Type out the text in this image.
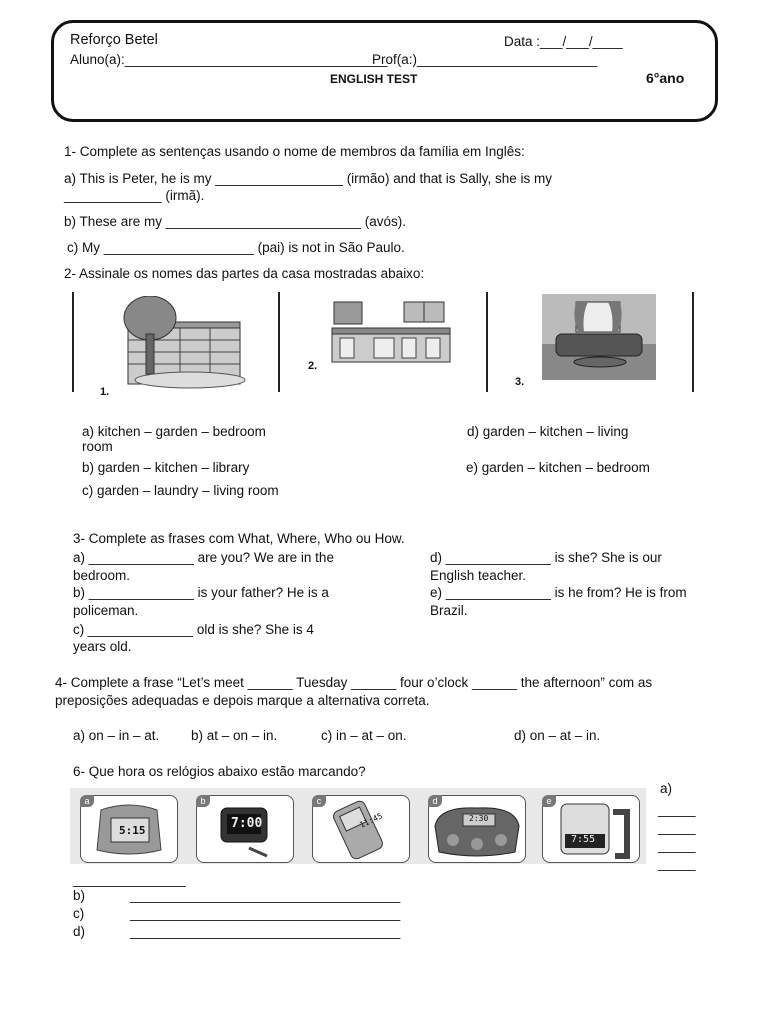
Reforço Betel	Data :___/___/____
Aluno(a):___________________________________
Prof(a:)________________________
ENGLISH TEST	6°ano
1- Complete as sentenças usando o nome de membros da família em Inglês:
a) This is Peter, he is my _________________ (irmão) and that is Sally, she is my
_____________ (irmã).
b) These are my __________________________ (avós).
c) My ____________________ (pai) is not in São Paulo.
2- Assinale os nomes das partes da casa mostradas abaixo:
1.
2.
3.
a) kitchen – garden – bedroom
room
b) garden – kitchen – library
c) garden – laundry – living room
d) garden – kitchen – living
e) garden – kitchen – bedroom
3- Complete as frases com What, Where, Who ou How.
a) ______________ are you? We are in the
bedroom.
b) ______________ is your father? He is a
policeman.
c) ______________ old is she? She is 4
years old.
d) ______________ is she? She is our
English teacher.
e) ______________ is he from? He is from
Brazil.
4- Complete a frase “Let’s meet ______ Tuesday ______ four o’clock ______ the afternoon” com as
preposições adequadas e depois marque a alternativa correta.
a) on – in – at. b) at – on – in.	c) in – at – on.	d) on – at – in.
6- Que hora os relógios abaixo estão marcando?
a
5:15
b
7:00
c
11:45
d
2:30
e
7:55
a)
_____
_____
_____
_____
_______________
b)	____________________________________
c)	____________________________________
d)	____________________________________
